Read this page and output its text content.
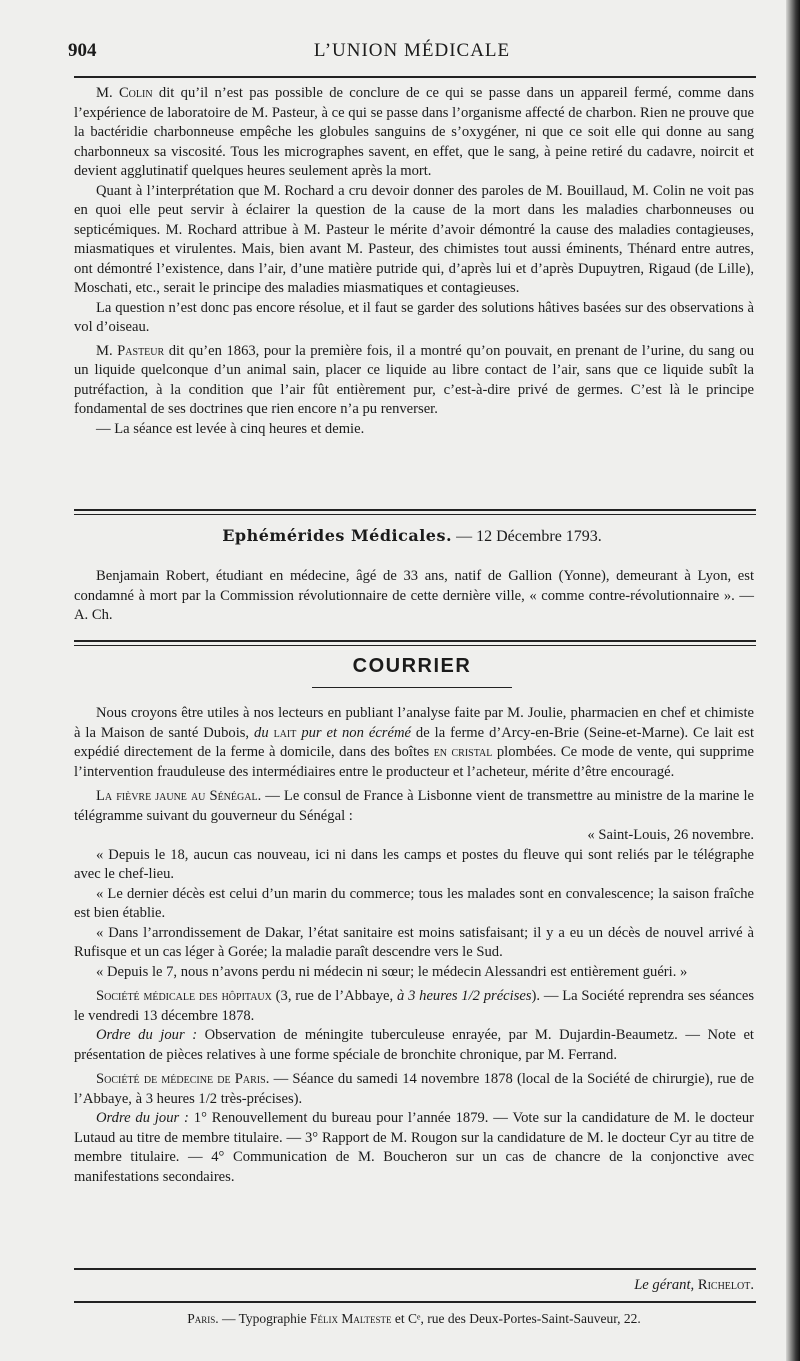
904	L’UNION MÉDICALE

M. Colin dit qu’il n’est pas possible de conclure de ce qui se passe dans un appareil fermé, comme dans l’expérience de laboratoire de M. Pasteur, à ce qui se passe dans l’organisme affecté de charbon. Rien ne prouve que la bactéridie charbonneuse empêche les globules sanguins de s’oxygéner, ni que ce soit elle qui donne au sang charbonneux sa viscosité. Tous les micrographes savent, en effet, que le sang, à peine retiré du cadavre, noircit et devient agglutinatif quelques heures seulement après la mort.

Quant à l’interprétation que M. Rochard a cru devoir donner des paroles de M. Bouillaud, M. Colin ne voit pas en quoi elle peut servir à éclairer la question de la cause de la mort dans les maladies charbonneuses ou septicémiques. M. Rochard attribue à M. Pasteur le mérite d’avoir démontré la cause des maladies contagieuses, miasmatiques et virulentes. Mais, bien avant M. Pasteur, des chimistes tout aussi éminents, Thénard entre autres, ont démontré l’existence, dans l’air, d’une matière putride qui, d’après lui et d’après Dupuytren, Rigaud (de Lille), Moschati, etc., serait le principe des maladies miasmatiques et contagieuses.

La question n’est donc pas encore résolue, et il faut se garder des solutions hâtives basées sur des observations à vol d’oiseau.

M. Pasteur dit qu’en 1863, pour la première fois, il a montré qu’on pouvait, en prenant de l’urine, du sang ou un liquide quelconque d’un animal sain, placer ce liquide au libre contact de l’air, sans que ce liquide subît la putréfaction, à la condition que l’air fût entièrement pur, c’est-à-dire privé de germes. C’est là le principe fondamental de ses doctrines que rien encore n’a pu renverser.

— La séance est levée à cinq heures et demie.

Ephémérides Médicales. — 12 Décembre 1793.

Benjamain Robert, étudiant en médecine, âgé de 33 ans, natif de Gallion (Yonne), demeurant à Lyon, est condamné à mort par la Commission révolutionnaire de cette dernière ville, « comme contre-révolutionnaire ». — A. Ch.

COURRIER

Nous croyons être utiles à nos lecteurs en publiant l’analyse faite par M. Joulie, pharmacien en chef et chimiste à la Maison de santé Dubois, du lait pur et non écrémé de la ferme d’Arcy-en-Brie (Seine-et-Marne). Ce lait est expédié directement de la ferme à domicile, dans des boîtes en cristal plombées. Ce mode de vente, qui supprime l’intervention frauduleuse des intermédiaires entre le producteur et l’acheteur, mérite d’être encouragé.

La fièvre jaune au Sénégal. — Le consul de France à Lisbonne vient de transmettre au ministre de la marine le télégramme suivant du gouverneur du Sénégal :

« Saint-Louis, 26 novembre.

« Depuis le 18, aucun cas nouveau, ici ni dans les camps et postes du fleuve qui sont reliés par le télégraphe avec le chef-lieu.

« Le dernier décès est celui d’un marin du commerce; tous les malades sont en convalescence; la saison fraîche est bien établie.

« Dans l’arrondissement de Dakar, l’état sanitaire est moins satisfaisant; il y a eu un décès de nouvel arrivé à Rufisque et un cas léger à Gorée; la maladie paraît descendre vers le Sud.

« Depuis le 7, nous n’avons perdu ni médecin ni sœur; le médecin Alessandri est entièrement guéri. »

Société médicale des hôpitaux (3, rue de l’Abbaye, à 3 heures 1/2 précises). — La Société reprendra ses séances le vendredi 13 décembre 1878.

Ordre du jour : Observation de méningite tuberculeuse enrayée, par M. Dujardin-Beaumetz. — Note et présentation de pièces relatives à une forme spéciale de bronchite chronique, par M. Ferrand.

Société de médecine de Paris. — Séance du samedi 14 novembre 1878 (local de la Société de chirurgie), rue de l’Abbaye, à 3 heures 1/2 très-précises).

Ordre du jour : 1° Renouvellement du bureau pour l’année 1879. — Vote sur la candidature de M. le docteur Lutaud au titre de membre titulaire. — 3° Rapport de M. Rougon sur la candidature de M. le docteur Cyr au titre de membre titulaire. — 4° Communication de M. Boucheron sur un cas de chancre de la conjonctive avec manifestations secondaires.

Le gérant, Richelot.
Paris. — Typographie Félix Malteste et Cᵉ, rue des Deux-Portes-Saint-Sauveur, 22.
